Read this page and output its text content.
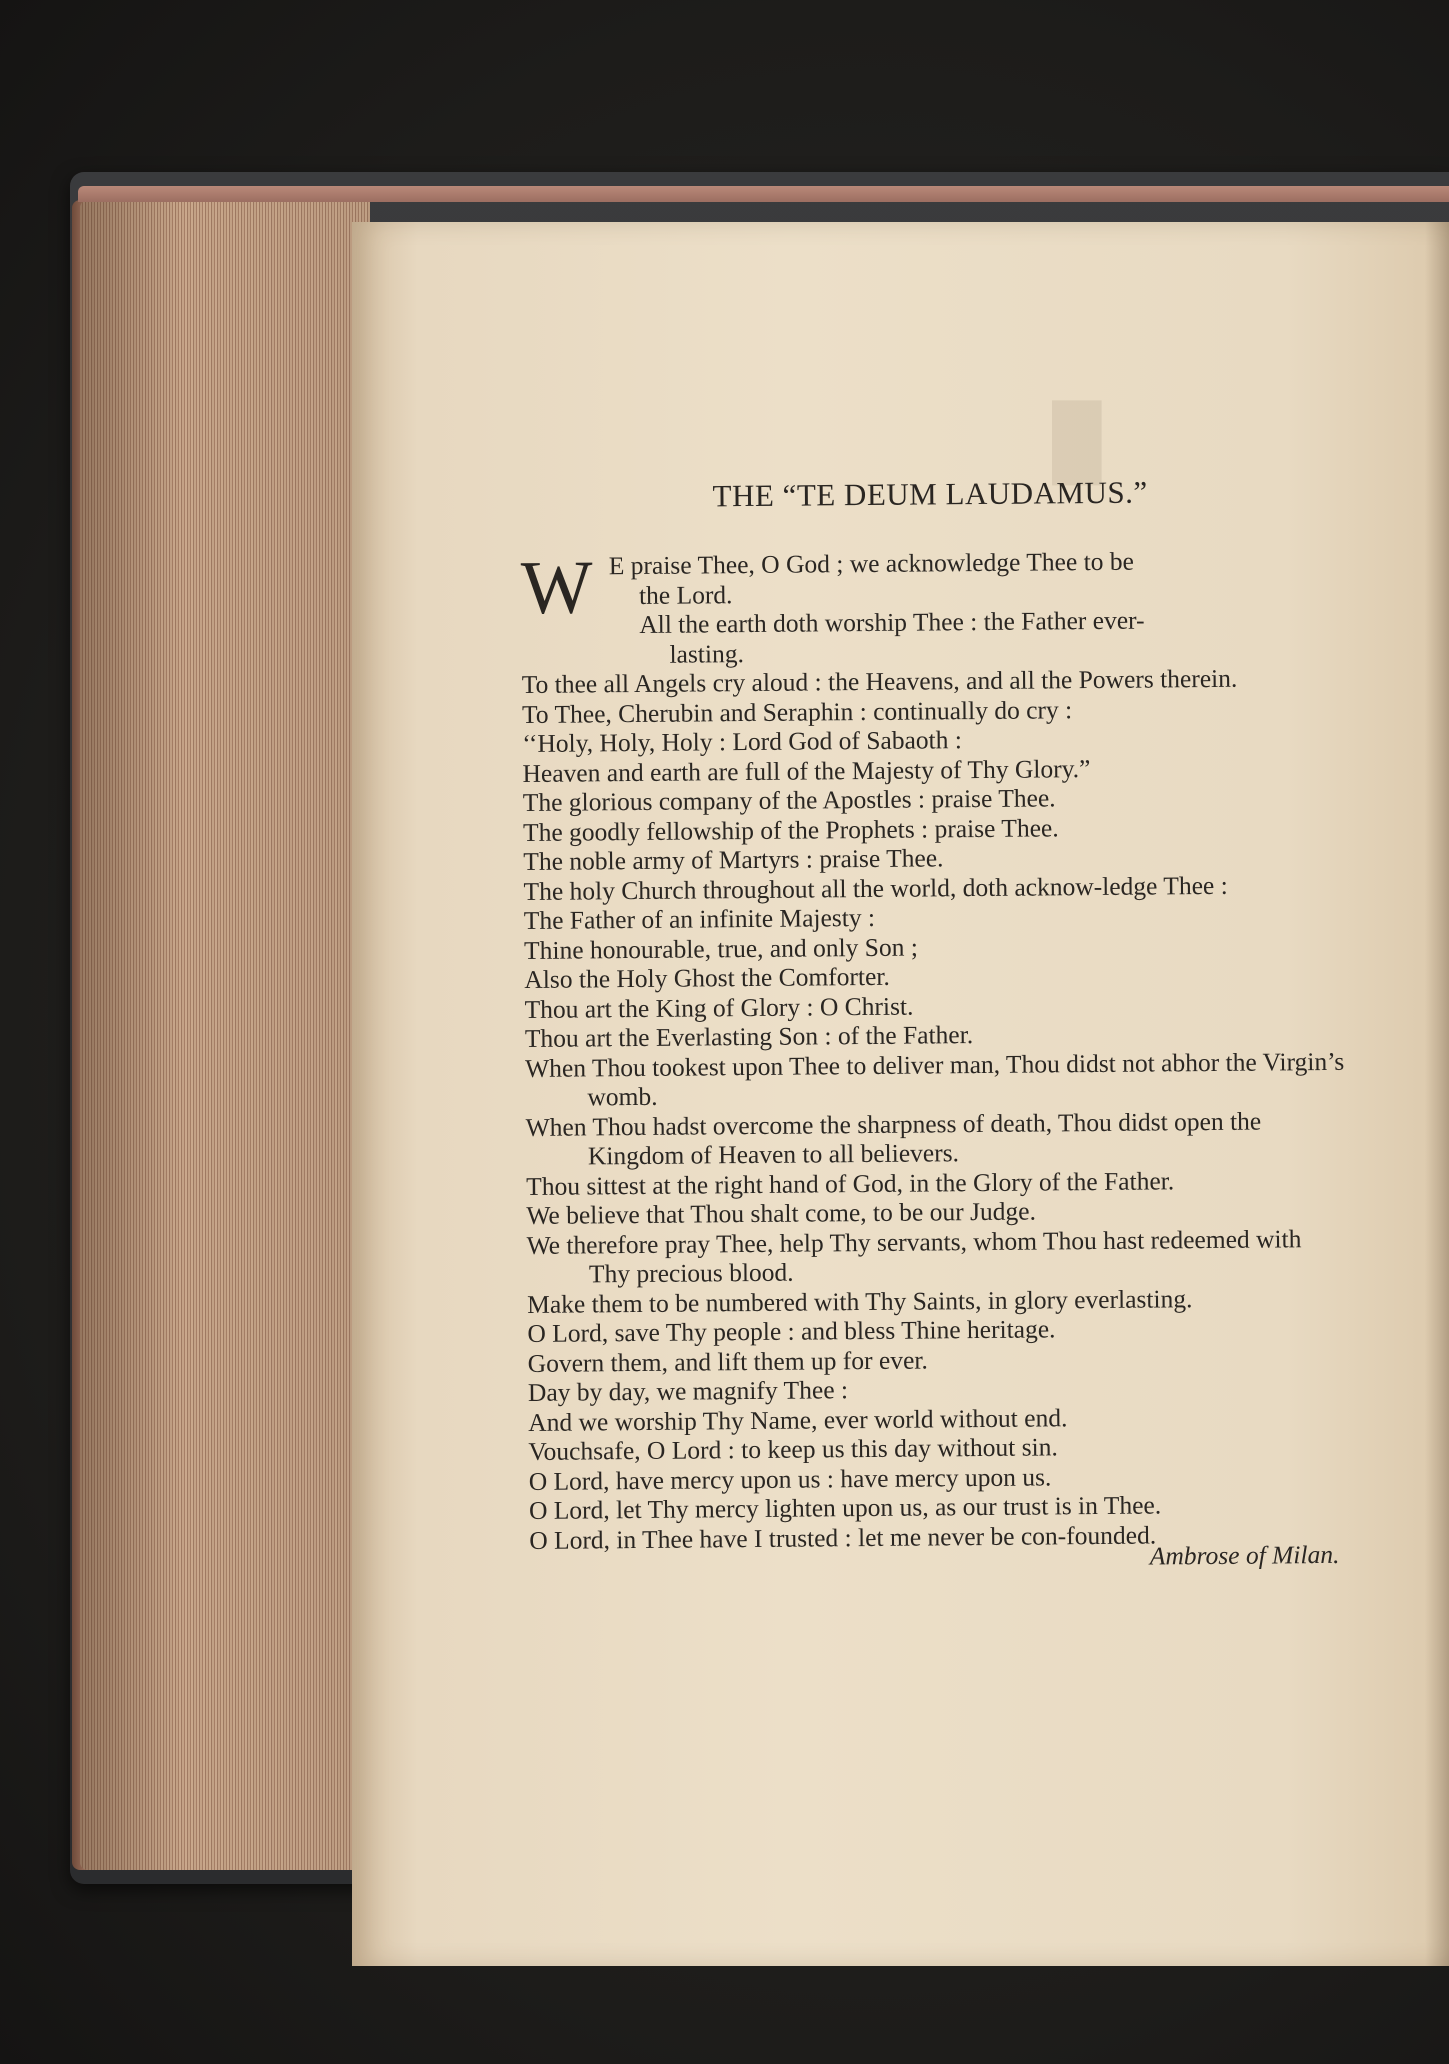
█
THE “TE DEUM LAUDAMUS.”
W E praise Thee, O God ; we acknowledge Thee to be
the Lord.
All the earth doth worship Thee : the Father ever-
lasting.

To thee all Angels cry aloud : the Heavens, and all the Powers therein.

To Thee, Cherubin and Seraphin : continually do cry :

‘‘Holy, Holy, Holy : Lord God of Sabaoth :

Heaven and earth are full of the Majesty of Thy Glory.”

The glorious company of the Apostles : praise Thee.

The goodly fellowship of the Prophets : praise Thee.

The noble army of Martyrs : praise Thee.

The holy Church throughout all the world, doth acknow-ledge Thee :

The Father of an infinite Majesty :

Thine honourable, true, and only Son ;

Also the Holy Ghost the Comforter.

Thou art the King of Glory : O Christ.

Thou art the Everlasting Son : of the Father.

When Thou tookest upon Thee to deliver man, Thou didst not abhor the Virgin’s womb.

When Thou hadst overcome the sharpness of death, Thou didst open the Kingdom of Heaven to all believers.

Thou sittest at the right hand of God, in the Glory of the Father.

We believe that Thou shalt come, to be our Judge.

We therefore pray Thee, help Thy servants, whom Thou hast redeemed with Thy precious blood.

Make them to be numbered with Thy Saints, in glory everlasting.

O Lord, save Thy people : and bless Thine heritage.

Govern them, and lift them up for ever.

Day by day, we magnify Thee :

And we worship Thy Name, ever world without end.

Vouchsafe, O Lord : to keep us this day without sin.

O Lord, have mercy upon us : have mercy upon us.

O Lord, let Thy mercy lighten upon us, as our trust is in Thee.

O Lord, in Thee have I trusted : let me never be con-founded.

Ambrose of Milan.
